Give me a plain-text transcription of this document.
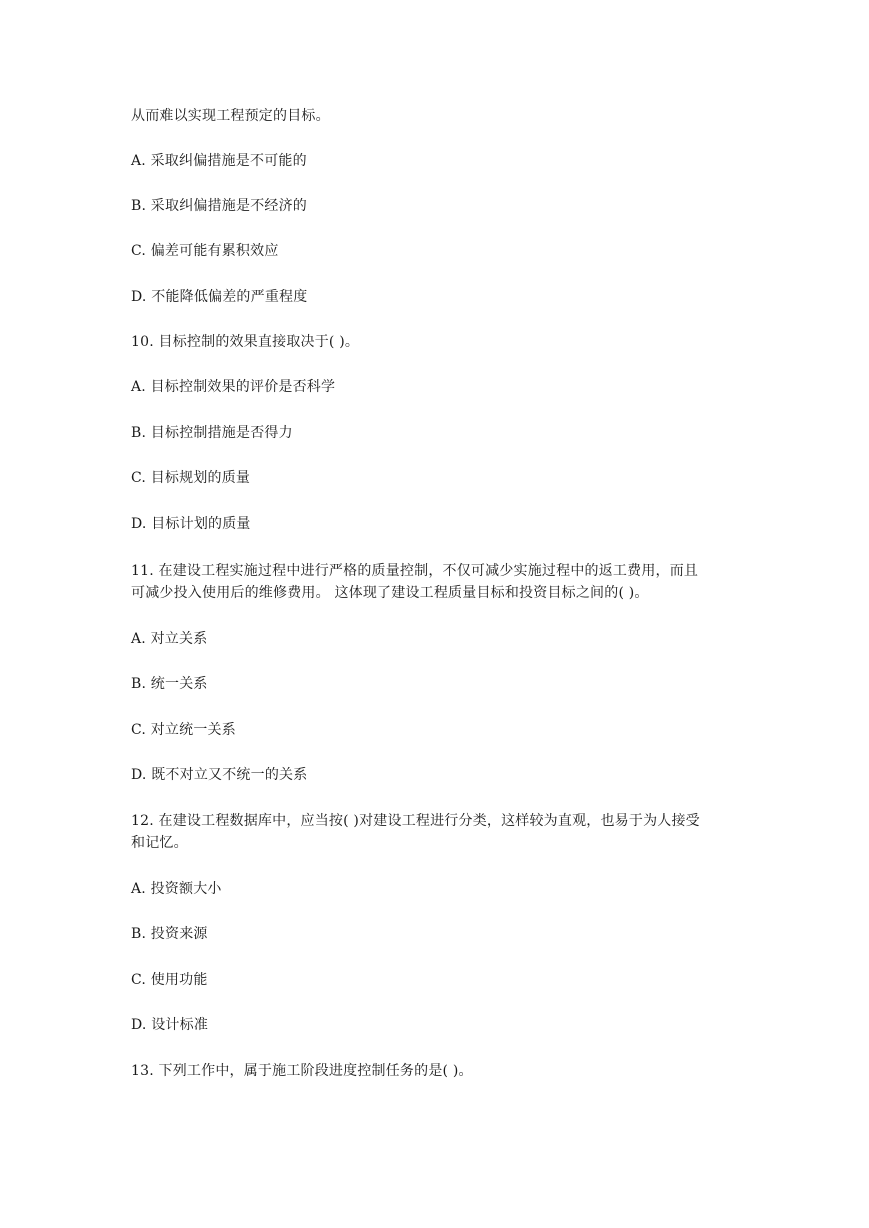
从而难以实现工程预定的目标。
A. 采取纠偏措施是不可能的
B. 采取纠偏措施是不经济的
C. 偏差可能有累积效应
D. 不能降低偏差的严重程度
10. 目标控制的效果直接取决于( )。
A. 目标控制效果的评价是否科学
B. 目标控制措施是否得力
C. 目标规划的质量
D. 目标计划的质量
11. 在建设工程实施过程中进行严格的质量控制，不仅可减少实施过程中的返工费用，而且
可减少投入使用后的维修费用。 这体现了建设工程质量目标和投资目标之间的( )。
A. 对立关系
B. 统一关系
C. 对立统一关系
D. 既不对立又不统一的关系
12. 在建设工程数据库中，应当按( )对建设工程进行分类，这样较为直观，也易于为人接受
和记忆。
A. 投资额大小
B. 投资来源
C. 使用功能
D. 设计标准
13. 下列工作中，属于施工阶段进度控制任务的是( )。
